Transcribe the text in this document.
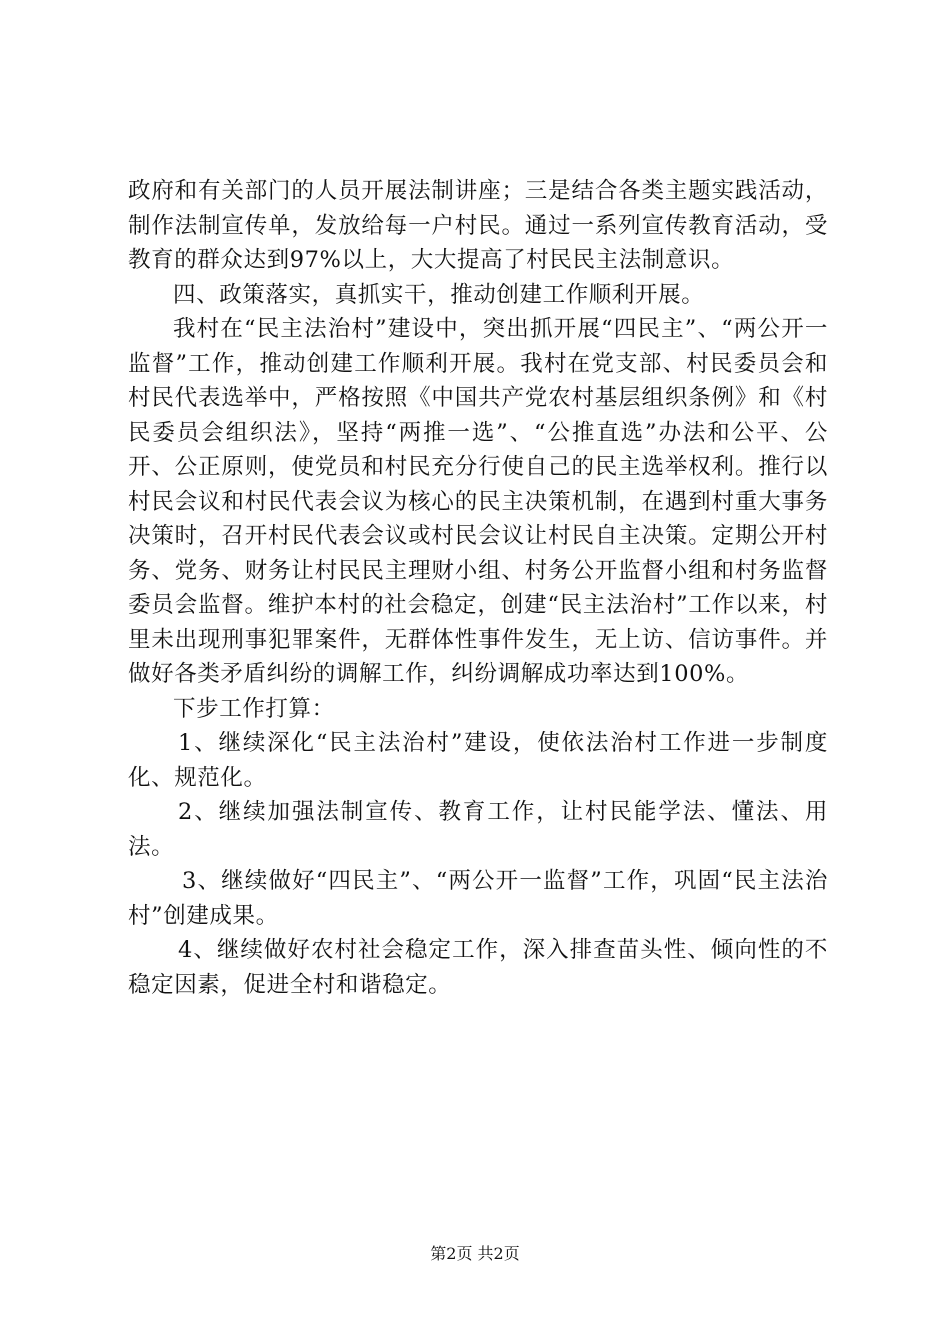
政府和有关部门的人员开展法制讲座；三是结合各类主题实践活动，制作法制宣传单，发放给每一户村民。通过一系列宣传教育活动，受教育的群众达到97%以上，大大提高了村民民主法制意识。

四、政策落实，真抓实干，推动创建工作顺利开展。

我村在“民主法治村”建设中，突出抓开展“四民主”、“两公开一监督”工作，推动创建工作顺利开展。我村在党支部、村民委员会和村民代表选举中，严格按照《中国共产党农村基层组织条例》和《村民委员会组织法》，坚持“两推一选”、“公推直选”办法和公平、公开、公正原则，使党员和村民充分行使自己的民主选举权利。推行以村民会议和村民代表会议为核心的民主决策机制，在遇到村重大事务决策时，召开村民代表会议或村民会议让村民自主决策。定期公开村务、党务、财务让村民民主理财小组、村务公开监督小组和村务监督委员会监督。维护本村的社会稳定，创建“民主法治村”工作以来，村里未出现刑事犯罪案件，无群体性事件发生，无上访、信访事件。并做好各类矛盾纠纷的调解工作，纠纷调解成功率达到100%。

下步工作打算：

1、继续深化“民主法治村”建设，使依法治村工作进一步制度化、规范化。

2、继续加强法制宣传、教育工作，让村民能学法、懂法、用法。

3、继续做好“四民主”、“两公开一监督”工作，巩固“民主法治村”创建成果。

4、继续做好农村社会稳定工作，深入排查苗头性、倾向性的不稳定因素，促进全村和谐稳定。

第2页 共2页
